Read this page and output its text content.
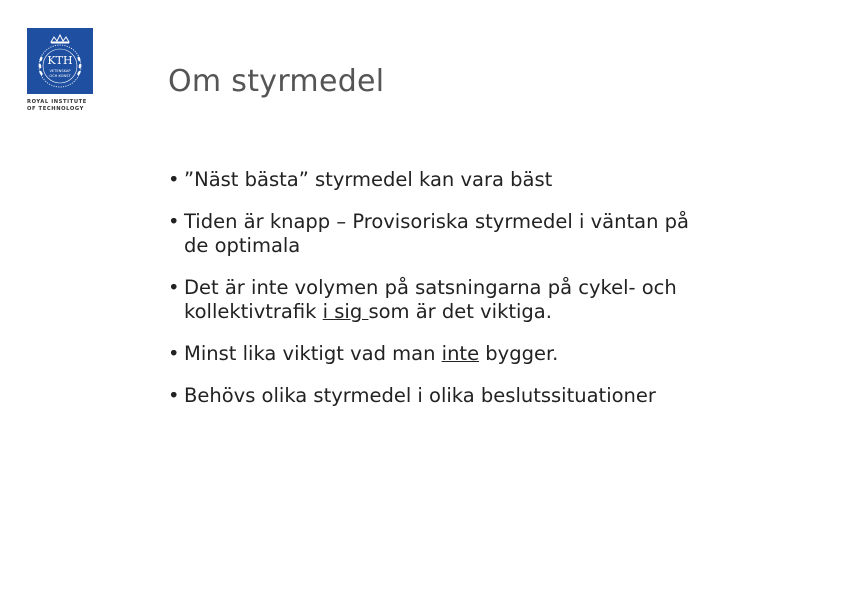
KTH
VETENSKAP
OCH KONST
ROYAL INSTITUTE OF TECHNOLOGY
Om styrmedel
• ”Näst bästa” styrmedel kan vara bäst
• Tiden är knapp – Provisoriska styrmedel i väntan på
de optimala
• Det är inte volymen på satsningarna på cykel- och
kollektivtrafik i sig som är det viktiga.
• Minst lika viktigt vad man inte bygger.
• Behövs olika styrmedel i olika beslutssituationer
